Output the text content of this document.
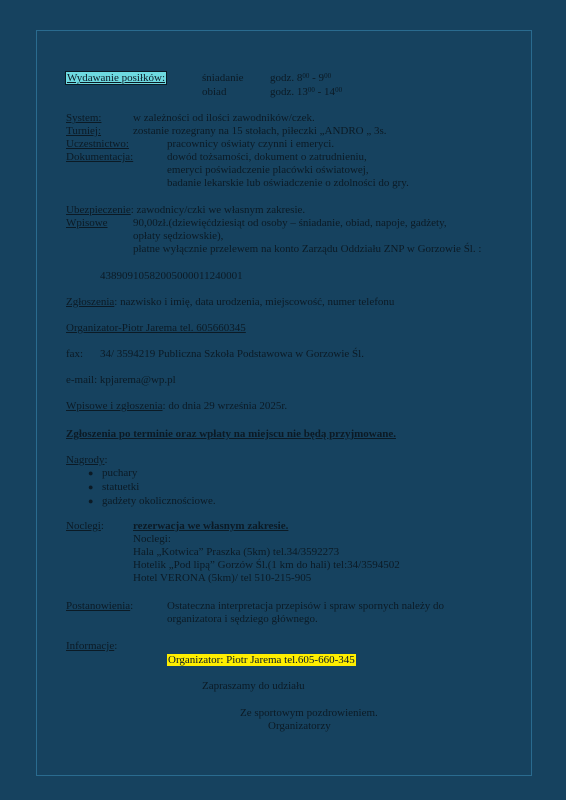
Wydawanie posiłków:	śniadanie godz. $8^{00} - 9^{00}$
obiad	godz. $13^{00} - 14^{00}$
System:	w zależności od ilości zawodników/czek.
Turniej:	zostanie rozegrany na 15 stołach, piłeczki „ANDRO „ 3s.
Uczestnictwo:	pracownicy oświaty czynni i emeryci.
Dokumentacja:	dowód tożsamości, dokument o zatrudnieniu,
emeryci poświadczenie placówki oświatowej,
badanie lekarskie lub oświadczenie o zdolności do gry.
Ubezpieczenie: zawodnicy/czki we własnym zakresie.
Wpisowe 90,00zł.(dziewięćdziesiąt od osoby – śniadanie, obiad, napoje, gadżety,
opłaty sędziowskie),
płatne wyłącznie przelewem na konto Zarządu Oddziału ZNP w Gorzowie Śl. :
43890910582005000011240001
Zgłoszenia: nazwisko i imię, data urodzenia, miejscowość, numer telefonu
Organizator-Piotr Jarema tel. 605660345
fax: 34/ 3594219 Publiczna Szkoła Podstawowa w Gorzowie Śl.
e-mail: kpjarema@wp.pl
Wpisowe i zgłoszenia: do dnia 29 września 2025r.
Zgłoszenia po terminie oraz wpłaty na miejscu nie będą przyjmowane.
Nagrody:
● puchary
● statuetki
● gadżety okolicznościowe.
Noclegi:	rezerwacja we własnym zakresie.
Noclegi:
Hala „Kotwica” Praszka (5km) tel.34/3592273
Hotelik „Pod lipą” Gorzów Śl.(1 km do hali) tel:34/3594502
Hotel VERONA (5km)/ tel 510-215-905
Postanowienia:	Ostateczna interpretacja przepisów i spraw spornych należy do
organizatora i sędziego głównego.
Informacje:
Organizator: Piotr Jarema tel.605-660-345
Zapraszamy do udziału
Ze sportowym pozdrowieniem.
Organizatorzy
